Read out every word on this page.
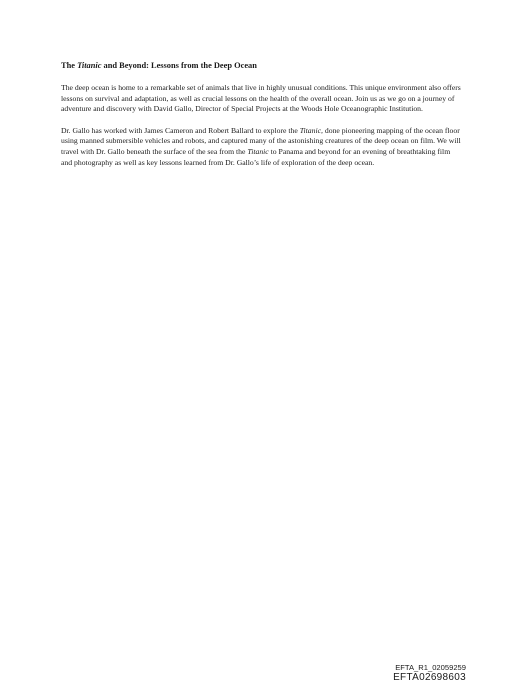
The Titanic and Beyond: Lessons from the Deep Ocean

The deep ocean is home to a remarkable set of animals that live in highly unusual conditions. This unique environment also offers lessons on survival and adaptation, as well as crucial lessons on the health of the overall ocean. Join us as we go on a journey of adventure and discovery with David Gallo, Director of Special Projects at the Woods Hole Oceanographic Institution.

Dr. Gallo has worked with James Cameron and Robert Ballard to explore the Titanic, done pioneering mapping of the ocean floor using manned submersible vehicles and robots, and captured many of the astonishing creatures of the deep ocean on film. We will travel with Dr. Gallo beneath the surface of the sea from the Titanic to Panama and beyond for an evening of breathtaking film and photography as well as key lessons learned from Dr. Gallo’s life of exploration of the deep ocean.

EFTA_R1_02059259
EFTA02698603
